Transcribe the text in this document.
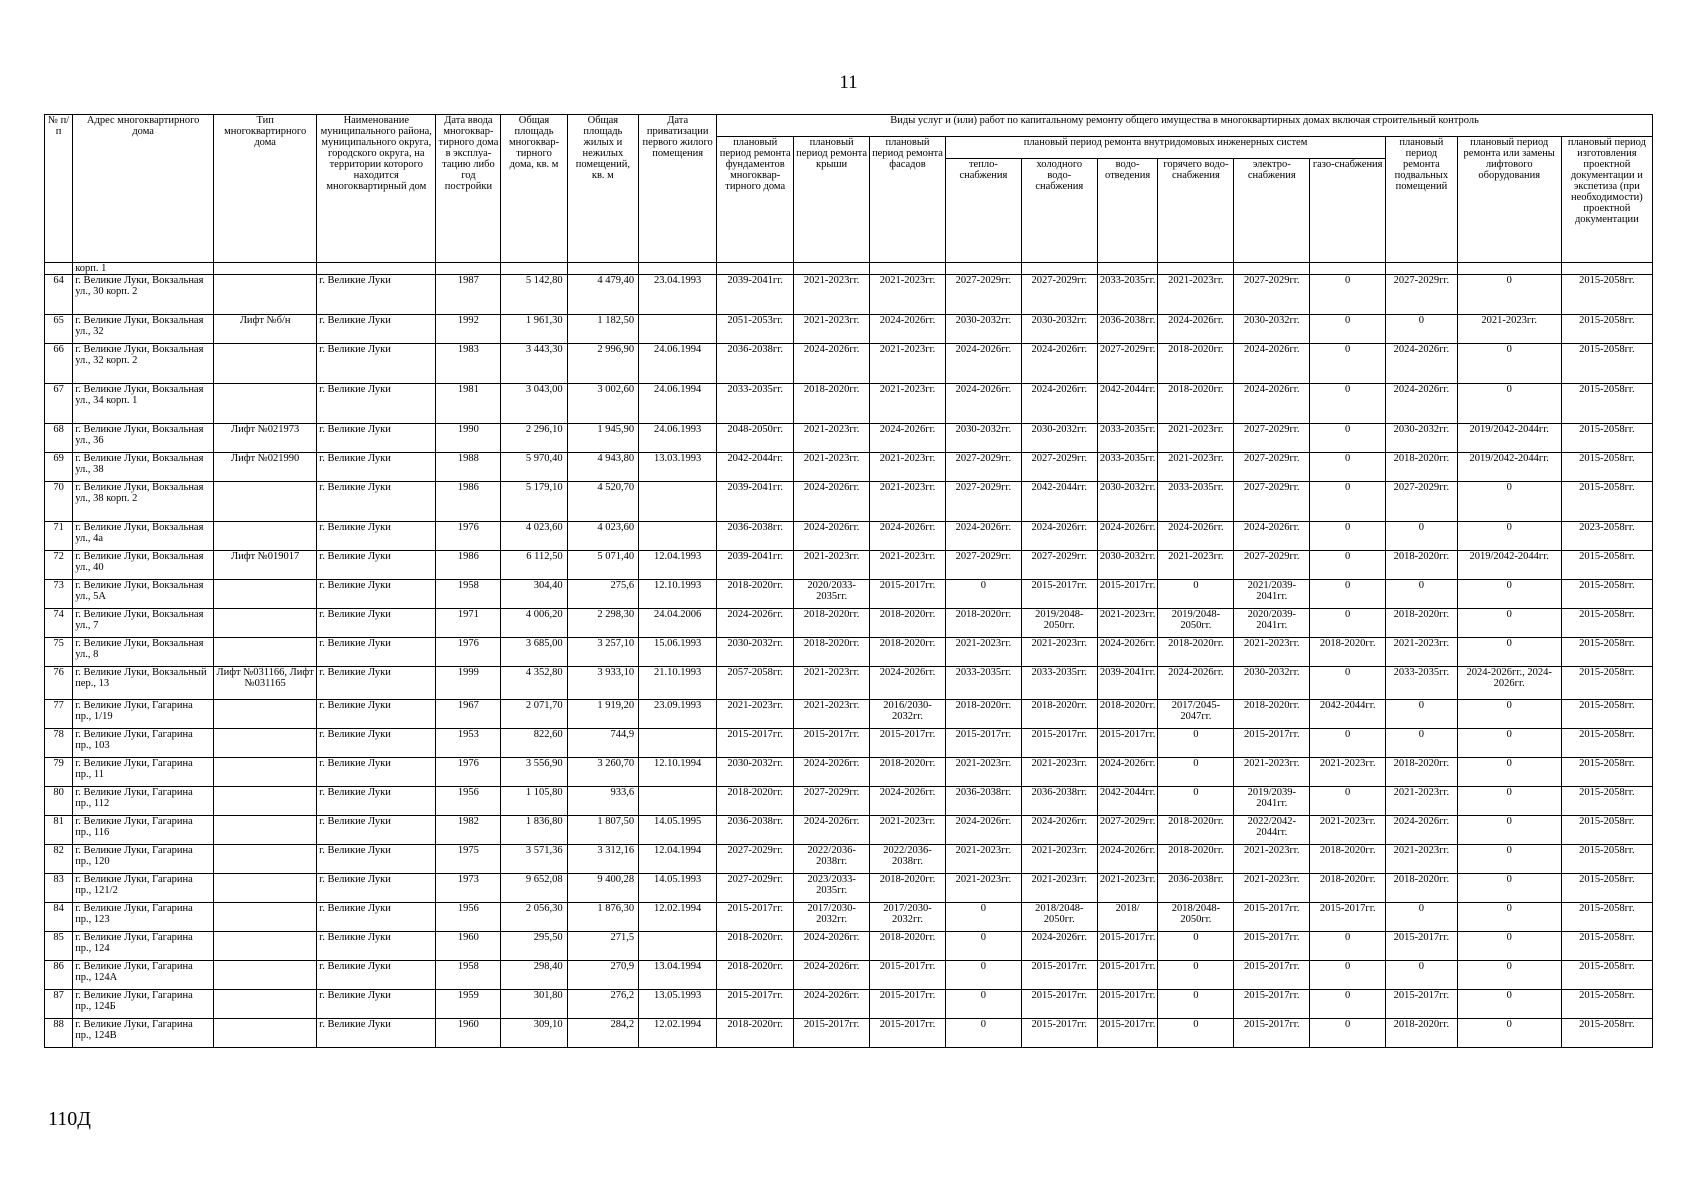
11
№ п/п	Адрес многоквартирного дома	Тип многоквартирного дома	Наименование муниципального района, муниципального округа, городского округа, на территории которого находится многоквартирный дом	Дата ввода многоквар-тирного дома в эксплуа-тацию либо год постройки	Общая площадь многоквар-тирного дома, кв. м	Общая площадь жилых и нежилых помещений, кв. м	Дата приватизации первого жилого помещения	Виды услуг и (или) работ по капитальному ремонту общего имущества в многоквартирных домах включая строительный контроль											
								плановый период ремонта фундаментов многоквар-тирного дома	плановый период ремонта крыши	плановый период ремонта фасадов	плановый период ремонта внутридомовых инженерных систем						плановый период ремонта подвальных помещений	плановый период ремонта или замены лифтового оборудования	плановый период изготовления проектной документации и экспетиза (при необходимости) проектной документации
											тепло-снабжения	холодного водо-снабжения	водо-отведения	горячего водо-снабжения	электро-снабжения	газо-снабжения			
	корп. 1																		
64	г. Великие Луки, Вокзальная ул., 30 корп. 2		г. Великие Луки	1987	5 142,80	4 479,40	23.04.1993	2039-2041гг.	2021-2023гг.	2021-2023гг.	2027-2029гг.	2027-2029гг.	2033-2035гг.	2021-2023гг.	2027-2029гг.	0	2027-2029гг.	0	2015-2058гг.
65	г. Великие Луки, Вокзальная ул., 32	Лифт №б/н	г. Великие Луки	1992	1 961,30	1 182,50		2051-2053гг.	2021-2023гг.	2024-2026гг.	2030-2032гг.	2030-2032гг.	2036-2038гг.	2024-2026гг.	2030-2032гг.	0	0	2021-2023гг.	2015-2058гг.
66	г. Великие Луки, Вокзальная ул., 32 корп. 2		г. Великие Луки	1983	3 443,30	2 996,90	24.06.1994	2036-2038гг.	2024-2026гг.	2021-2023гг.	2024-2026гг.	2024-2026гг.	2027-2029гг.	2018-2020гг.	2024-2026гг.	0	2024-2026гг.	0	2015-2058гг.
67	г. Великие Луки, Вокзальная ул., 34 корп. 1		г. Великие Луки	1981	3 043,00	3 002,60	24.06.1994	2033-2035гг.	2018-2020гг.	2021-2023гг.	2024-2026гг.	2024-2026гг.	2042-2044гг.	2018-2020гг.	2024-2026гг.	0	2024-2026гг.	0	2015-2058гг.
68	г. Великие Луки, Вокзальная ул., 36	Лифт №021973	г. Великие Луки	1990	2 296,10	1 945,90	24.06.1993	2048-2050гг.	2021-2023гг.	2024-2026гг.	2030-2032гг.	2030-2032гг.	2033-2035гг.	2021-2023гг.	2027-2029гг.	0	2030-2032гг.	2019/2042-2044гг.	2015-2058гг.
69	г. Великие Луки, Вокзальная ул., 38	Лифт №021990	г. Великие Луки	1988	5 970,40	4 943,80	13.03.1993	2042-2044гг.	2021-2023гг.	2021-2023гг.	2027-2029гг.	2027-2029гг.	2033-2035гг.	2021-2023гг.	2027-2029гг.	0	2018-2020гг.	2019/2042-2044гг.	2015-2058гг.
70	г. Великие Луки, Вокзальная ул., 38 корп. 2		г. Великие Луки	1986	5 179,10	4 520,70		2039-2041гг.	2024-2026гг.	2021-2023гг.	2027-2029гг.	2042-2044гг.	2030-2032гг.	2033-2035гг.	2027-2029гг.	0	2027-2029гг.	0	2015-2058гг.
71	г. Великие Луки, Вокзальная ул., 4а		г. Великие Луки	1976	4 023,60	4 023,60		2036-2038гг.	2024-2026гг.	2024-2026гг.	2024-2026гг.	2024-2026гг.	2024-2026гг.	2024-2026гг.	2024-2026гг.	0	0	0	2023-2058гг.
72	г. Великие Луки, Вокзальная ул., 40	Лифт №019017	г. Великие Луки	1986	6 112,50	5 071,40	12.04.1993	2039-2041гг.	2021-2023гг.	2021-2023гг.	2027-2029гг.	2027-2029гг.	2030-2032гг.	2021-2023гг.	2027-2029гг.	0	2018-2020гг.	2019/2042-2044гг.	2015-2058гг.
73	г. Великие Луки, Вокзальная ул., 5А		г. Великие Луки	1958	304,40	275,6	12.10.1993	2018-2020гг.	2020/2033-2035гг.	2015-2017гг.	0	2015-2017гг.	2015-2017гг.	0	2021/2039-2041гг.	0	0	0	2015-2058гг.
74	г. Великие Луки, Вокзальная ул., 7		г. Великие Луки	1971	4 006,20	2 298,30	24.04.2006	2024-2026гг.	2018-2020гг.	2018-2020гг.	2018-2020гг.	2019/2048-2050гг.	2021-2023гг.	2019/2048-2050гг.	2020/2039-2041гг.	0	2018-2020гг.	0	2015-2058гг.
75	г. Великие Луки, Вокзальная ул., 8		г. Великие Луки	1976	3 685,00	3 257,10	15.06.1993	2030-2032гг.	2018-2020гг.	2018-2020гг.	2021-2023гг.	2021-2023гг.	2024-2026гг.	2018-2020гг.	2021-2023гг.	2018-2020гг.	2021-2023гг.	0	2015-2058гг.
76	г. Великие Луки, Вокзальный пер., 13	Лифт №031166, Лифт №031165	г. Великие Луки	1999	4 352,80	3 933,10	21.10.1993	2057-2058гг.	2021-2023гг.	2024-2026гг.	2033-2035гг.	2033-2035гг.	2039-2041гг.	2024-2026гг.	2030-2032гг.	0	2033-2035гг.	2024-2026гг., 2024-2026гг.	2015-2058гг.
77	г. Великие Луки, Гагарина пр., 1/19		г. Великие Луки	1967	2 071,70	1 919,20	23.09.1993	2021-2023гг.	2021-2023гг.	2016/2030-2032гг.	2018-2020гг.	2018-2020гг.	2018-2020гг.	2017/2045-2047гг.	2018-2020гг.	2042-2044гг.	0	0	2015-2058гг.
78	г. Великие Луки, Гагарина пр., 103		г. Великие Луки	1953	822,60	744,9		2015-2017гг.	2015-2017гг.	2015-2017гг.	2015-2017гг.	2015-2017гг.	2015-2017гг.	0	2015-2017гг.	0	0	0	2015-2058гг.
79	г. Великие Луки, Гагарина пр., 11		г. Великие Луки	1976	3 556,90	3 260,70	12.10.1994	2030-2032гг.	2024-2026гг.	2018-2020гг.	2021-2023гг.	2021-2023гг.	2024-2026гг.	0	2021-2023гг.	2021-2023гг.	2018-2020гг.	0	2015-2058гг.
80	г. Великие Луки, Гагарина пр., 112		г. Великие Луки	1956	1 105,80	933,6		2018-2020гг.	2027-2029гг.	2024-2026гг.	2036-2038гг.	2036-2038гг.	2042-2044гг.	0	2019/2039-2041гг.	0	2021-2023гг.	0	2015-2058гг.
81	г. Великие Луки, Гагарина пр., 116		г. Великие Луки	1982	1 836,80	1 807,50	14.05.1995	2036-2038гг.	2024-2026гг.	2021-2023гг.	2024-2026гг.	2024-2026гг.	2027-2029гг.	2018-2020гг.	2022/2042-2044гг.	2021-2023гг.	2024-2026гг.	0	2015-2058гг.
82	г. Великие Луки, Гагарина пр., 120		г. Великие Луки	1975	3 571,36	3 312,16	12.04.1994	2027-2029гг.	2022/2036-2038гг.	2022/2036-2038гг.	2021-2023гг.	2021-2023гг.	2024-2026гг.	2018-2020гг.	2021-2023гг.	2018-2020гг.	2021-2023гг.	0	2015-2058гг.
83	г. Великие Луки, Гагарина пр., 121/2		г. Великие Луки	1973	9 652,08	9 400,28	14.05.1993	2027-2029гг.	2023/2033-2035гг.	2018-2020гг.	2021-2023гг.	2021-2023гг.	2021-2023гг.	2036-2038гг.	2021-2023гг.	2018-2020гг.	2018-2020гг.	0	2015-2058гг.
84	г. Великие Луки, Гагарина пр., 123		г. Великие Луки	1956	2 056,30	1 876,30	12.02.1994	2015-2017гг.	2017/2030-2032гг.	2017/2030-2032гг.	0	2018/2048-2050гг.	2018/	2018/2048-2050гг.	2015-2017гг.	2015-2017гг.	0	0	2015-2058гг.
85	г. Великие Луки, Гагарина пр., 124		г. Великие Луки	1960	295,50	271,5		2018-2020гг.	2024-2026гг.	2018-2020гг.	0	2024-2026гг.	2015-2017гг.	0	2015-2017гг.	0	2015-2017гг.	0	2015-2058гг.
86	г. Великие Луки, Гагарина пр., 124А		г. Великие Луки	1958	298,40	270,9	13.04.1994	2018-2020гг.	2024-2026гг.	2015-2017гг.	0	2015-2017гг.	2015-2017гг.	0	2015-2017гг.	0	0	0	2015-2058гг.
87	г. Великие Луки, Гагарина пр., 124Б		г. Великие Луки	1959	301,80	276,2	13.05.1993	2015-2017гг.	2024-2026гг.	2015-2017гг.	0	2015-2017гг.	2015-2017гг.	0	2015-2017гг.	0	2015-2017гг.	0	2015-2058гг.
88	г. Великие Луки, Гагарина пр., 124В		г. Великие Луки	1960	309,10	284,2	12.02.1994	2018-2020гг.	2015-2017гг.	2015-2017гг.	0	2015-2017гг.	2015-2017гг.	0	2015-2017гг.	0	2018-2020гг.	0	2015-2058гг.
110Д
